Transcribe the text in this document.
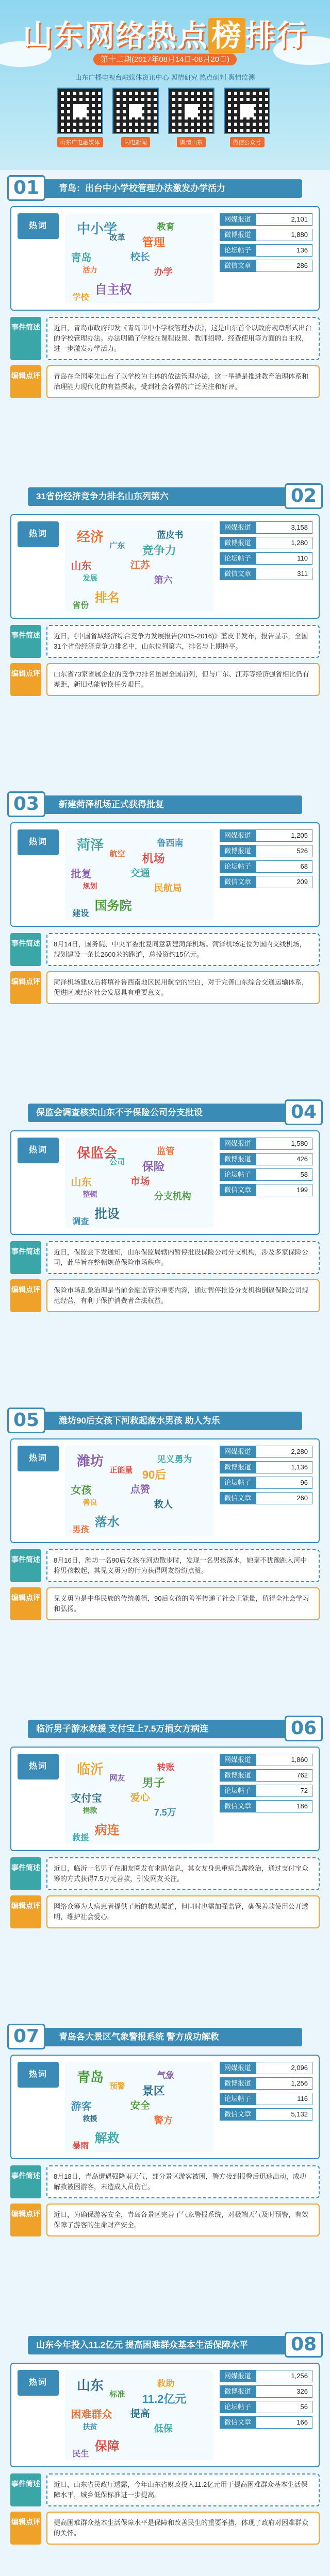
山东网络热点 榜 排行
第十二期(2017年08月14日-08月20日)
山东广播电视台融媒体资讯中心 舆情研究 热点研判 舆情监测
山东广电融媒体	闪电新闻	舆情山东	微信公众号
青岛：出台中小学校管理办法激发办学活力
01
热词	中小学
管理
青岛
办学
自主权
学校
教育
改革
校长
活力
网媒报道	2,101
微博报道	1,880
论坛帖子	136
微信文章	286
事件简述	近日，青岛市政府印发《青岛市中小学校管理办法》，这是山东首个以政府规章形式出台的学校管理办法。办法明确了学校在课程设置、教师招聘、经费使用等方面的自主权，进一步激发办学活力。
编辑点评	青岛在全国率先出台了以学校为主体的依法管理办法，这一举措是推进教育治理体系和治理能力现代化的有益探索，受到社会各界的广泛关注和好评。
31省份经济竞争力排名山东列第六	02
热词	经济
竞争力
山东
第六
排名
省份
蓝皮书
广东
江苏
发展
网媒报道	3,158
微博报道	1,280
论坛帖子	110
微信文章	311
事件简述	近日，《中国省域经济综合竞争力发展报告(2015-2016)》蓝皮书发布，报告显示，全国31个省份经济竞争力排名中，山东位列第六，排名与上期持平。
编辑点评	山东省73家省属企业的竞争力排名虽居全国前列，但与广东、江苏等经济强省相比仍有差距，新旧动能转换任务艰巨。
新建菏泽机场正式获得批复
03
热词	菏泽
机场
批复
民航局
国务院
建设
鲁西南
航空
交通
规划
网媒报道	1,205
微博报道	526
论坛帖子	68
微信文章	209
事件简述	8月14日，国务院、中央军委批复同意新建菏泽机场。菏泽机场定位为国内支线机场，规划建设一条长2600米的跑道，总投资约15亿元。
编辑点评	菏泽机场建成后将填补鲁西南地区民用航空的空白，对于完善山东综合交通运输体系，促进区域经济社会发展具有重要意义。
保监会调查核实山东不予保险公司分支批设	04
热词	保监会
保险
山东
分支机构
批设
调查
监管
公司
市场
整顿
网媒报道	1,580
微博报道	426
论坛帖子	58
微信文章	199
事件简述	近日，保监会下发通知，山东保监局辖内暂停批设保险公司分支机构，涉及多家保险公司，此举旨在整顿规范保险市场秩序。
编辑点评	保险市场乱象治理是当前金融监管的重要内容，通过暂停批设分支机构倒逼保险公司规范经营，有利于保护消费者合法权益。
潍坊90后女孩下河救起落水男孩 助人为乐
05
热词	潍坊
90后
女孩
救人
落水
男孩
见义勇为
正能量
点赞
善良
网媒报道	2,280
微博报道	1,136
论坛帖子	96
微信文章	260
事件简述	8月16日，潍坊一名90后女孩在河边散步时，发现一名男孩落水，她毫不犹豫跳入河中将男孩救起，其见义勇为的行为获得网友纷纷点赞。
编辑点评	见义勇为是中华民族的传统美德，90后女孩的善举传递了社会正能量，值得全社会学习和弘扬。
临沂男子游水救援 支付宝上7.5万捐女方病连	06
热词	临沂
男子
支付宝
7.5万
病连
救援
转账
网友
爱心
捐款
网媒报道	1,860
微博报道	762
论坛帖子	72
微信文章	186
事件简述	近日，临沂一名男子在朋友圈发布求助信息，其女友身患重病急需救治，通过支付宝众筹的方式获得7.5万元善款，引发网友关注。
编辑点评	网络众筹为大病患者提供了新的救助渠道，但同时也需加强监管，确保善款使用公开透明，维护社会爱心。
青岛各大景区气象警报系统 警方成功解救
07
热词	青岛
景区
游客
警方
解救
暴雨
气象
预警
安全
救援
网媒报道	2,096
微博报道	1,256
论坛帖子	116
微信文章	5,132
事件简述	8月18日，青岛遭遇强降雨天气，部分景区游客被困，警方接到报警后迅速出动，成功解救被困游客，未造成人员伤亡。
编辑点评	近日，为确保游客安全，青岛各景区完善了气象警报系统，对极端天气及时预警，有效保障了游客的生命财产安全。
山东今年投入11.2亿元 提高困难群众基本生活保障水平	08
热词	山东
11.2亿元
困难群众
低保
保障
民生
救助
标准
提高
扶贫
网媒报道	1,256
微博报道	326
论坛帖子	56
微信文章	166
事件简述	近日，山东省民政厅透露，今年山东省财政投入11.2亿元用于提高困难群众基本生活保障水平，城乡低保标准进一步提高。
编辑点评	提高困难群众基本生活保障水平是保障和改善民生的重要举措，体现了政府对困难群众的关怀。
